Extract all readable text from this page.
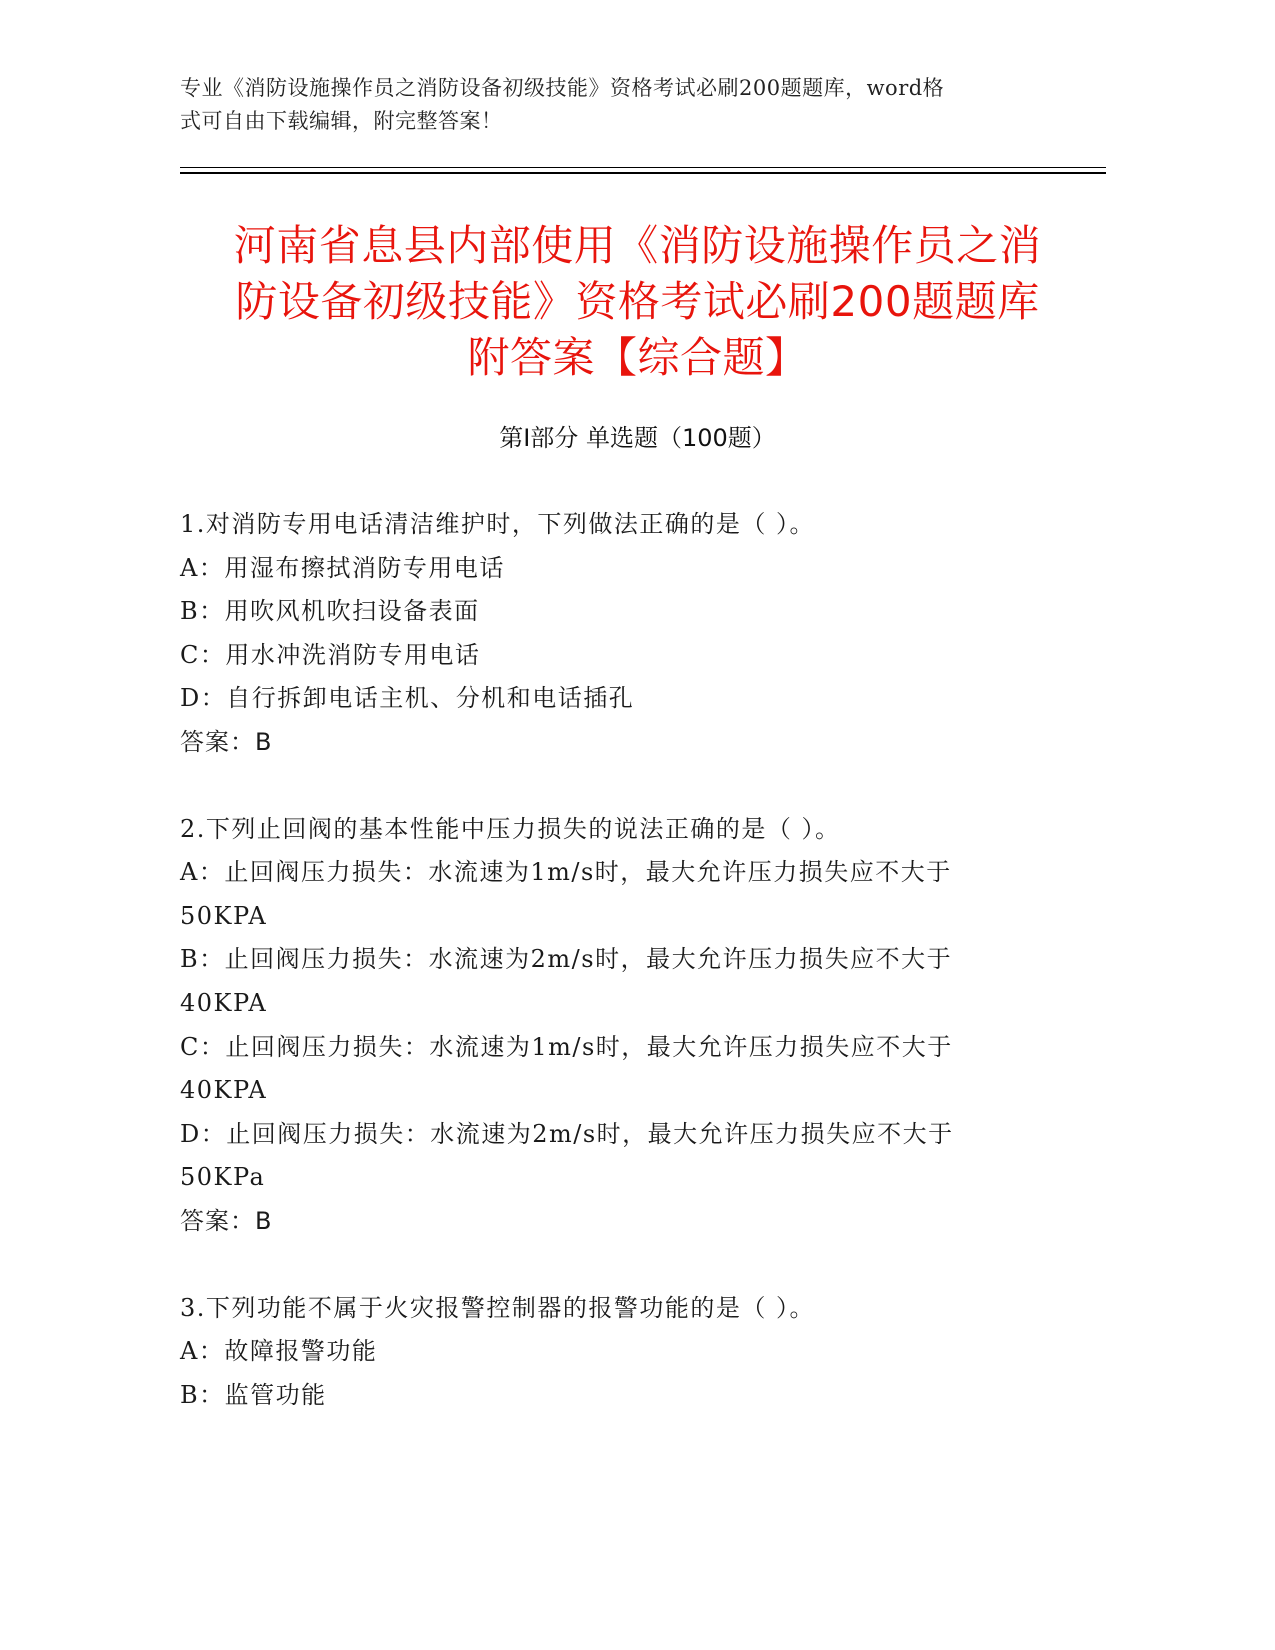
专业《消防设施操作员之消防设备初级技能》资格考试必刷200题题库，word格
式可自由下载编辑，附完整答案！
河南省息县内部使用《消防设施操作员之消
防设备初级技能》资格考试必刷200题题库
附答案【综合题】
第Ⅰ部分 单选题（100题）
1.对消防专用电话清洁维护时，下列做法正确的是（ ）。
A：用湿布擦拭消防专用电话
B：用吹风机吹扫设备表面
C：用水冲洗消防专用电话
D：自行拆卸电话主机、分机和电话插孔
答案：B
2.下列止回阀的基本性能中压力损失的说法正确的是（ ）。
A：止回阀压力损失：水流速为1m/s时，最大允许压力损失应不大于
50KPA
B：止回阀压力损失：水流速为2m/s时，最大允许压力损失应不大于
40KPA
C：止回阀压力损失：水流速为1m/s时，最大允许压力损失应不大于
40KPA
D：止回阀压力损失：水流速为2m/s时，最大允许压力损失应不大于
50KPa
答案：B
3.下列功能不属于火灾报警控制器的报警功能的是（ ）。
A：故障报警功能
B：监管功能
